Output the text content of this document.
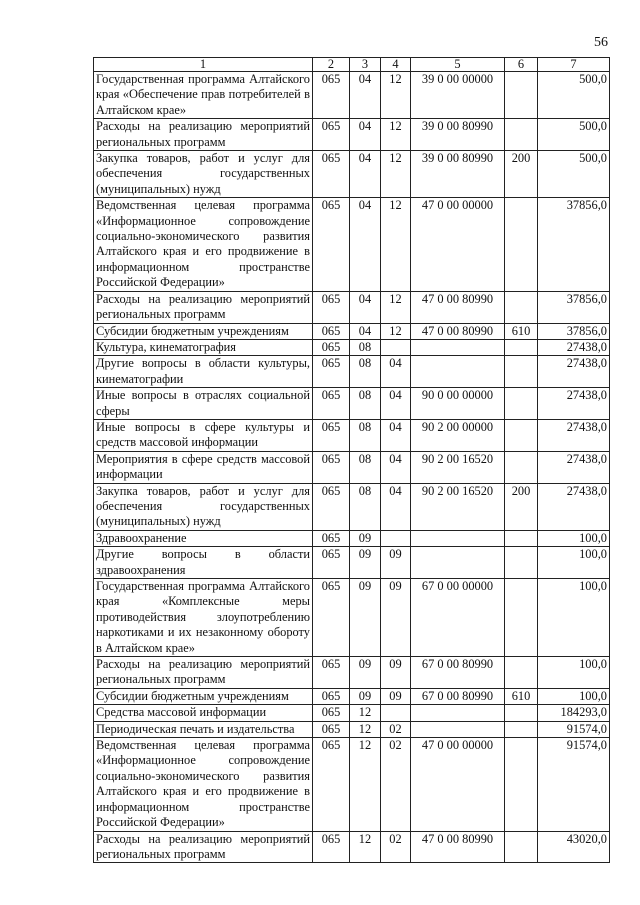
56
1	2	3	4	5	6	7
Государственная программа Алтайского края «Обеспечение прав потребителей в Алтайском крае»	065	04	12	39 0 00 00000		500,0
Расходы на реализацию мероприятий региональных программ	065	04	12	39 0 00 80990		500,0
Закупка товаров, работ и услуг для обеспечения государственных (муниципальных) нужд	065	04	12	39 0 00 80990	200	500,0
Ведомственная целевая программа «Информационное сопровождение социально-экономического развития Алтайского края и его продвижение в информационном пространстве Российской Федерации»	065	04	12	47 0 00 00000		37856,0
Расходы на реализацию мероприятий региональных программ	065	04	12	47 0 00 80990		37856,0
Субсидии бюджетным учреждениям	065	04	12	47 0 00 80990	610	37856,0
Культура, кинематография	065	08				27438,0
Другие вопросы в области культуры, кинематографии	065	08	04			27438,0
Иные вопросы в отраслях социальной сферы	065	08	04	90 0 00 00000		27438,0
Иные вопросы в сфере культуры и средств массовой информации	065	08	04	90 2 00 00000		27438,0
Мероприятия в сфере средств массовой информации	065	08	04	90 2 00 16520		27438,0
Закупка товаров, работ и услуг для обеспечения государственных (муниципальных) нужд	065	08	04	90 2 00 16520	200	27438,0
Здравоохранение	065	09				100,0
Другие вопросы в области здравоохранения	065	09	09			100,0
Государственная программа Алтайского края «Комплексные меры противодействия злоупотреблению наркотиками и их незаконному обороту в Алтайском крае»	065	09	09	67 0 00 00000		100,0
Расходы на реализацию мероприятий региональных программ	065	09	09	67 0 00 80990		100,0
Субсидии бюджетным учреждениям	065	09	09	67 0 00 80990	610	100,0
Средства массовой информации	065	12				184293,0
Периодическая печать и издательства	065	12	02			91574,0
Ведомственная целевая программа «Информационное сопровождение социально-экономического развития Алтайского края и его продвижение в информационном пространстве Российской Федерации»	065	12	02	47 0 00 00000		91574,0
Расходы на реализацию мероприятий региональных программ	065	12	02	47 0 00 80990		43020,0
